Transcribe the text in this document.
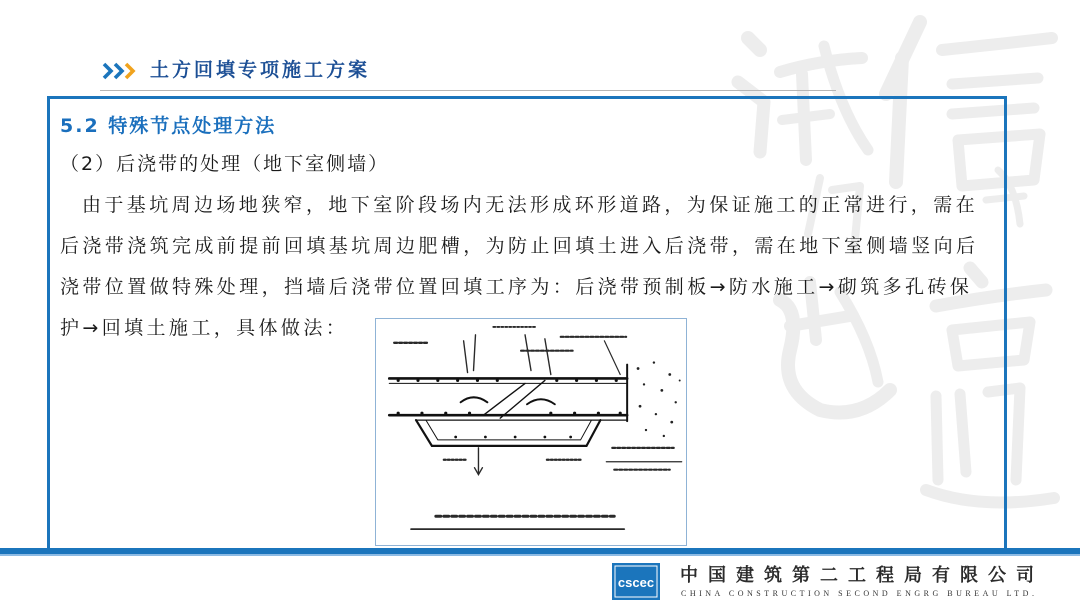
土方回填专项施工方案
5.2 特殊节点处理方法
（2）后浇带的处理（地下室侧墙）
由于基坑周边场地狭窄，地下室阶段场内无法形成环形道路，为保证施工的正常进行，需在
后浇带浇筑完成前提前回填基坑周边肥槽，为防止回填土进入后浇带，需在地下室侧墙竖向后
浇带位置做特殊处理，挡墙后浇带位置回填工序为：后浇带预制板→防水施工→砌筑多孔砖保
护→回填土施工，具体做法：
cscec 中国建筑第二工程局有限公司
CHINA CONSTRUCTION SECOND ENGRG BUREAU LTD.
